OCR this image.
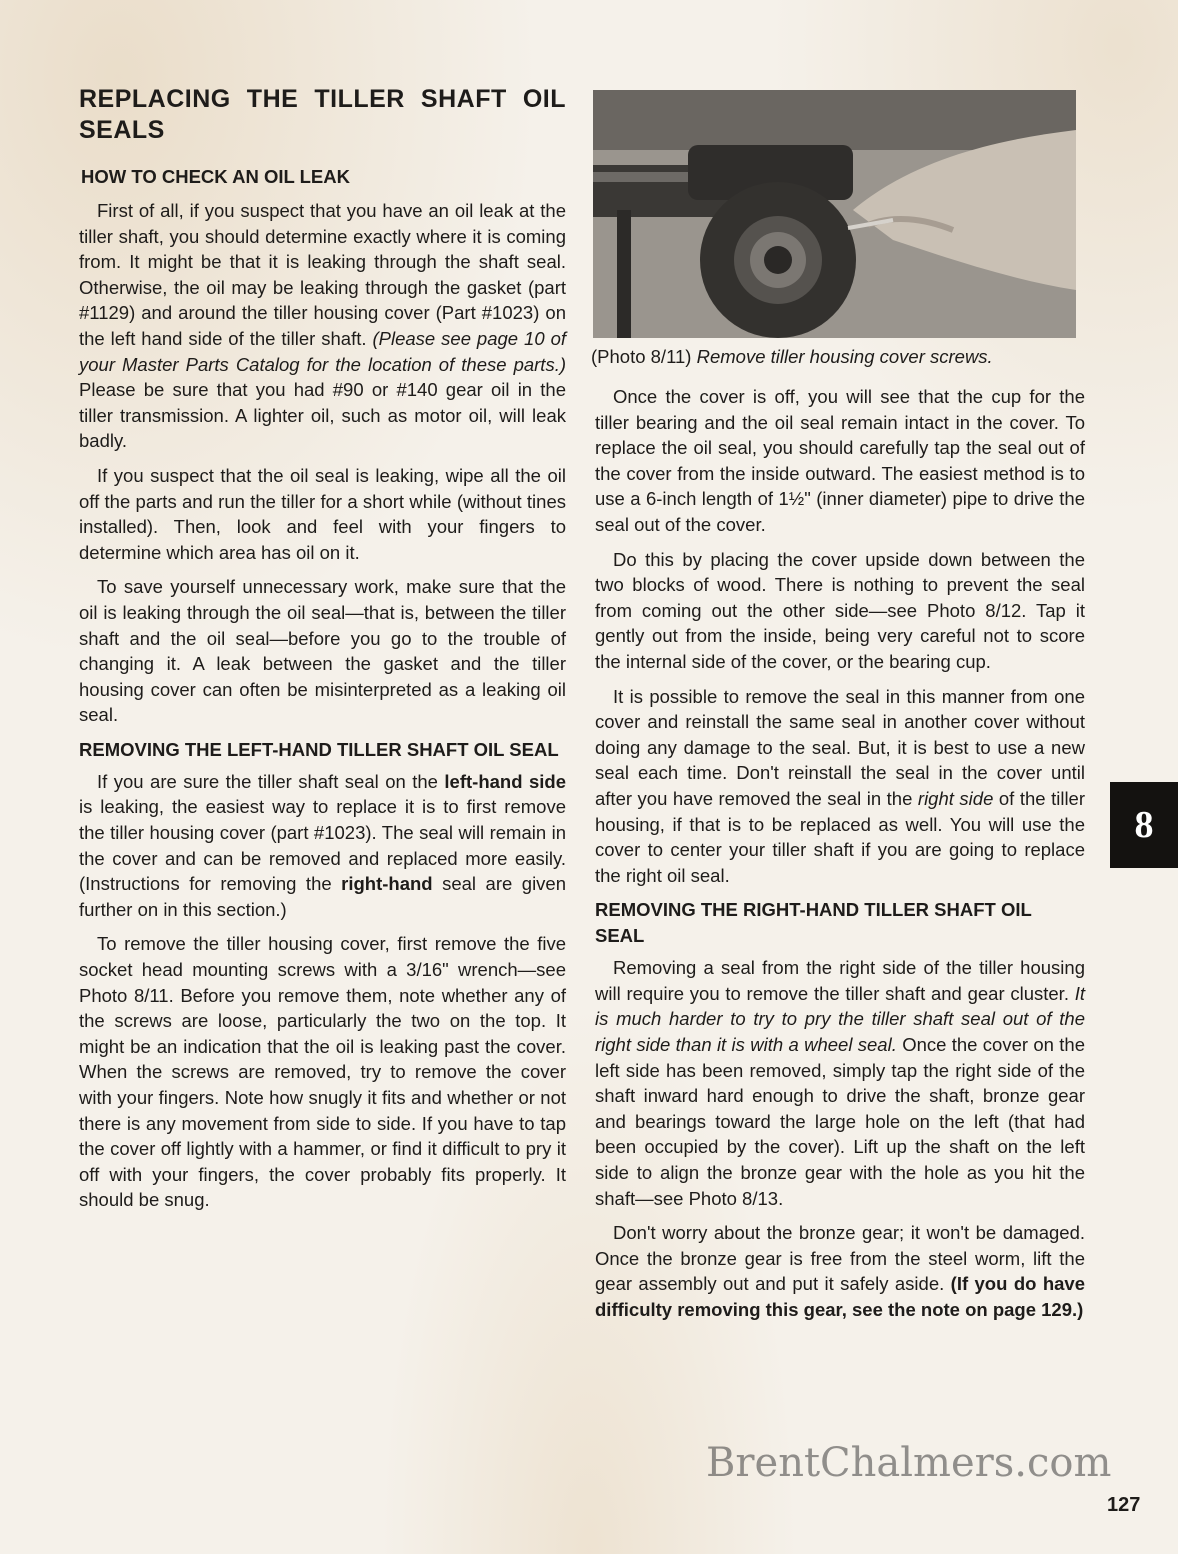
REPLACING THE TILLER SHAFT OIL SEALS
HOW TO CHECK AN OIL LEAK

First of all, if you suspect that you have an oil leak at the tiller shaft, you should determine exactly where it is coming from. It might be that it is leaking through the shaft seal. Otherwise, the oil may be leaking through the gasket (part #1129) and around the tiller housing cover (Part #1023) on the left hand side of the tiller shaft. (Please see page 10 of your Master Parts Catalog for the location of these parts.) Please be sure that you had #90 or #140 gear oil in the tiller transmission. A lighter oil, such as motor oil, will leak badly.

If you suspect that the oil seal is leaking, wipe all the oil off the parts and run the tiller for a short while (without tines installed). Then, look and feel with your fingers to determine which area has oil on it.

To save yourself unnecessary work, make sure that the oil is leaking through the oil seal—that is, between the tiller shaft and the oil seal—before you go to the trouble of changing it. A leak between the gasket and the tiller housing cover can often be misinterpreted as a leaking oil seal.

REMOVING THE LEFT-HAND TILLER SHAFT OIL SEAL

If you are sure the tiller shaft seal on the left-hand side is leaking, the easiest way to replace it is to first remove the tiller housing cover (part #1023). The seal will remain in the cover and can be removed and replaced more easily. (Instructions for removing the right-hand seal are given further on in this section.)

To remove the tiller housing cover, first remove the five socket head mounting screws with a 3/16" wrench—see Photo 8/11. Before you remove them, note whether any of the screws are loose, particularly the two on the top. It might be an indication that the oil is leaking past the cover. When the screws are removed, try to remove the cover with your fingers. Note how snugly it fits and whether or not there is any movement from side to side. If you have to tap the cover off lightly with a hammer, or find it difficult to pry it off with your fingers, the cover probably fits properly. It should be snug.

(Photo 8/11) Remove tiller housing cover screws.

Once the cover is off, you will see that the cup for the tiller bearing and the oil seal remain intact in the cover. To replace the oil seal, you should carefully tap the seal out of the cover from the inside outward. The easiest method is to use a 6-inch length of 1½" (inner diameter) pipe to drive the seal out of the cover.

Do this by placing the cover upside down between the two blocks of wood. There is nothing to prevent the seal from coming out the other side—see Photo 8/12. Tap it gently out from the inside, being very careful not to score the internal side of the cover, or the bearing cup.

It is possible to remove the seal in this manner from one cover and reinstall the same seal in another cover without doing any damage to the seal. But, it is best to use a new seal each time. Don't reinstall the seal in the cover until after you have removed the seal in the right side of the tiller housing, if that is to be replaced as well. You will use the cover to center your tiller shaft if you are going to replace the right oil seal.

REMOVING THE RIGHT-HAND TILLER SHAFT OIL SEAL

Removing a seal from the right side of the tiller housing will require you to remove the tiller shaft and gear cluster. It is much harder to try to pry the tiller shaft seal out of the right side than it is with a wheel seal. Once the cover on the left side has been removed, simply tap the right side of the shaft inward hard enough to drive the shaft, bronze gear and bearings toward the large hole on the left (that had been occupied by the cover). Lift up the shaft on the left side to align the bronze gear with the hole as you hit the shaft—see Photo 8/13.

Don't worry about the bronze gear; it won't be damaged. Once the bronze gear is free from the steel worm, lift the gear assembly out and put it safely aside. (If you do have difficulty removing this gear, see the note on page 129.)

8
BrentChalmers.com
127
